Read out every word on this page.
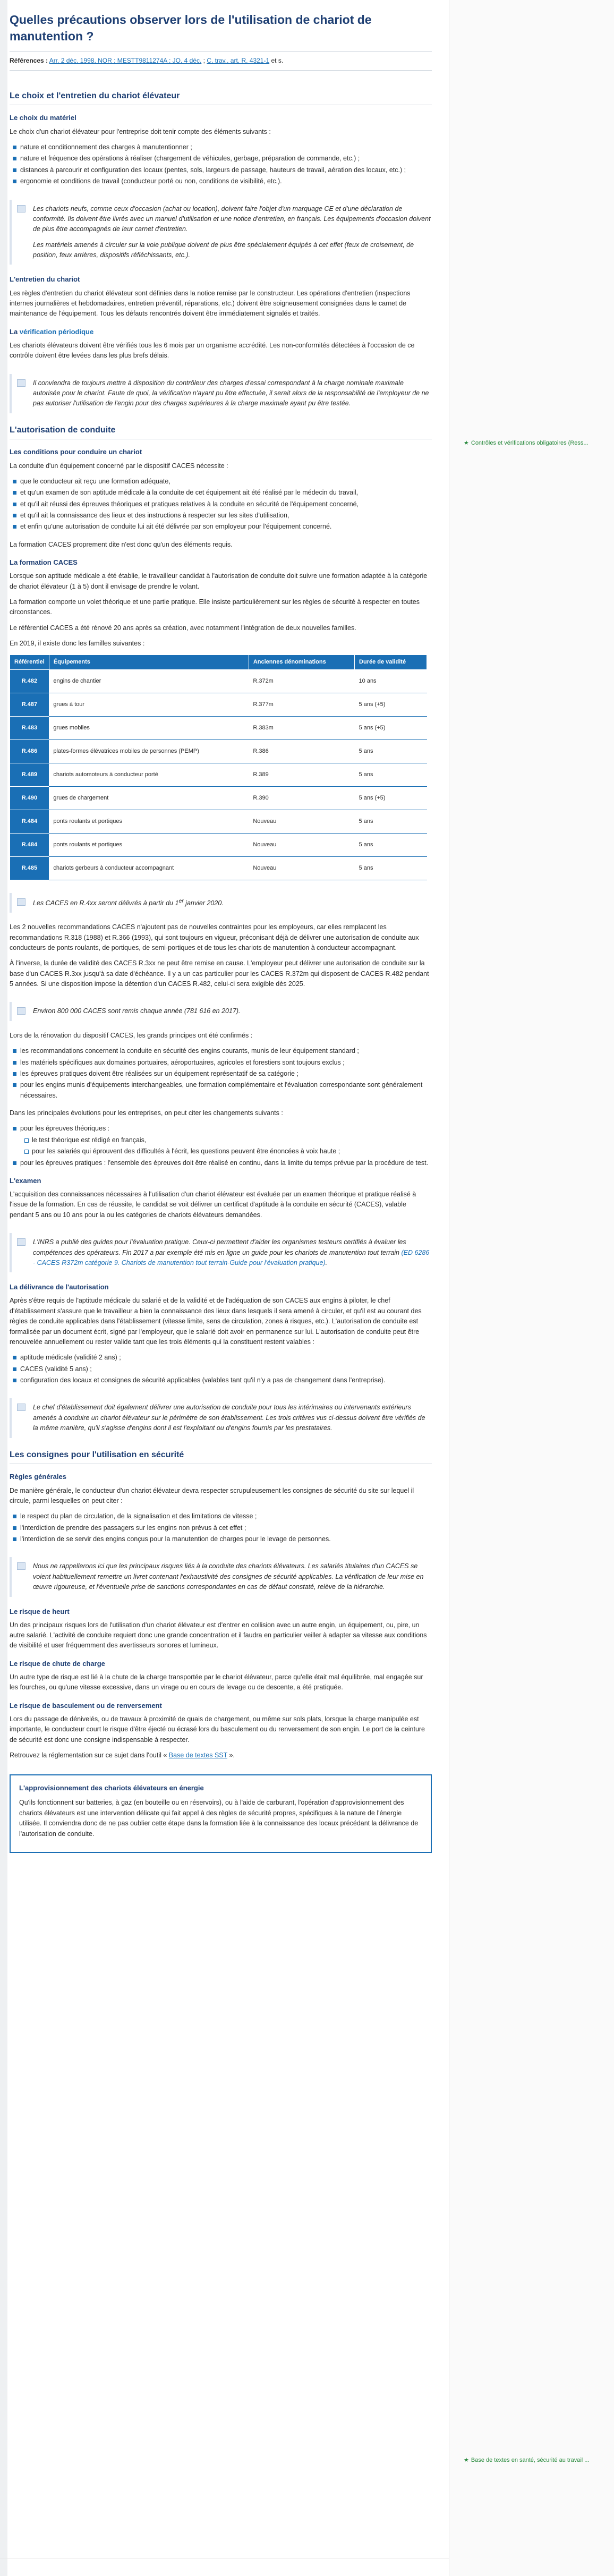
★ Contrôles et vérifications obligatoires (Ress...
★ Base de textes en santé, sécurité au travail ...
Quelles précautions observer lors de l'utilisation de chariot de manutention ?
Références : Arr. 2 déc. 1998, NOR : MESTT9811274A ; JO, 4 déc. ; C. trav., art. R. 4321-1 et s.
Le choix et l'entretien du chariot élévateur
Le choix du matériel

Le choix d'un chariot élévateur pour l'entreprise doit tenir compte des éléments suivants :

nature et conditionnement des charges à manutentionner ;
nature et fréquence des opérations à réaliser (chargement de véhicules, gerbage, préparation de commande, etc.) ;
distances à parcourir et configuration des locaux (pentes, sols, largeurs de passage, hauteurs de travail, aération des locaux, etc.) ;
ergonomie et conditions de travail (conducteur porté ou non, conditions de visibilité, etc.).

Les chariots neufs, comme ceux d'occasion (achat ou location), doivent faire l'objet d'un marquage CE et d'une déclaration de conformité. Ils doivent être livrés avec un manuel d'utilisation et une notice d'entretien, en français. Les équipements d'occasion doivent de plus être accompagnés de leur carnet d'entretien.

Les matériels amenés à circuler sur la voie publique doivent de plus être spécialement équipés à cet effet (feux de croisement, de position, feux arrières, dispositifs réfléchissants, etc.).

L'entretien du chariot

Les règles d'entretien du chariot élévateur sont définies dans la notice remise par le constructeur. Les opérations d'entretien (inspections internes journalières et hebdomadaires, entretien préventif, réparations, etc.) doivent être soigneusement consignées dans le carnet de maintenance de l'équipement. Tous les défauts rencontrés doivent être immédiatement signalés et traités.

La vérification périodique

Les chariots élévateurs doivent être vérifiés tous les 6 mois par un organisme accrédité. Les non-conformités détectées à l'occasion de ce contrôle doivent être levées dans les plus brefs délais.

Il conviendra de toujours mettre à disposition du contrôleur des charges d'essai correspondant à la charge nominale maximale autorisée pour le chariot. Faute de quoi, la vérification n'ayant pu être effectuée, il serait alors de la responsabilité de l'employeur de ne pas autoriser l'utilisation de l'engin pour des charges supérieures à la charge maximale ayant pu être testée.

L'autorisation de conduite
Les conditions pour conduire un chariot

La conduite d'un équipement concerné par le dispositif CACES nécessite :

que le conducteur ait reçu une formation adéquate,
et qu'un examen de son aptitude médicale à la conduite de cet équipement ait été réalisé par le médecin du travail,
et qu'il ait réussi des épreuves théoriques et pratiques relatives à la conduite en sécurité de l'équipement concerné,
et qu'il ait la connaissance des lieux et des instructions à respecter sur les sites d'utilisation,
et enfin qu'une autorisation de conduite lui ait été délivrée par son employeur pour l'équipement concerné.

La formation CACES proprement dite n'est donc qu'un des éléments requis.

La formation CACES

Lorsque son aptitude médicale a été établie, le travailleur candidat à l'autorisation de conduite doit suivre une formation adaptée à la catégorie de chariot élévateur (1 à 5) dont il envisage de prendre le volant.

La formation comporte un volet théorique et une partie pratique. Elle insiste particulièrement sur les règles de sécurité à respecter en toutes circonstances.

Le référentiel CACES a été rénové 20 ans après sa création, avec notamment l'intégration de deux nouvelles familles.

En 2019, il existe donc les familles suivantes :

Référentiel	Équipements	Anciennes dénominations	Durée de validité
R.482	engins de chantier	R.372m	10 ans
R.487	grues à tour	R.377m	5 ans (+5)
R.483	grues mobiles	R.383m	5 ans (+5)
R.486	plates-formes élévatrices mobiles de personnes (PEMP)	R.386	5 ans
R.489	chariots automoteurs à conducteur porté	R.389	5 ans
R.490	grues de chargement	R.390	5 ans (+5)
R.484	ponts roulants et portiques	Nouveau	5 ans
R.484	ponts roulants et portiques	Nouveau	5 ans
R.485	chariots gerbeurs à conducteur accompagnant	Nouveau	5 ans

Les CACES en R.4xx seront délivrés à partir du 1er janvier 2020.

Les 2 nouvelles recommandations CACES n'ajoutent pas de nouvelles contraintes pour les employeurs, car elles remplacent les recommandations R.318 (1988) et R.366 (1993), qui sont toujours en vigueur, préconisant déjà de délivrer une autorisation de conduite aux conducteurs de ponts roulants, de portiques, de semi-portiques et de tous les chariots de manutention à conducteur accompagnant.

À l'inverse, la durée de validité des CACES R.3xx ne peut être remise en cause. L'employeur peut délivrer une autorisation de conduite sur la base d'un CACES R.3xx jusqu'à sa date d'échéance. Il y a un cas particulier pour les CACES R.372m qui disposent de CACES R.482 pendant 5 années. Si une disposition impose la détention d'un CACES R.482, celui-ci sera exigible dès 2025.

Environ 800 000 CACES sont remis chaque année (781 616 en 2017).

Lors de la rénovation du dispositif CACES, les grands principes ont été confirmés :

les recommandations concernent la conduite en sécurité des engins courants, munis de leur équipement standard ;
les matériels spécifiques aux domaines portuaires, aéroportuaires, agricoles et forestiers sont toujours exclus ;
les épreuves pratiques doivent être réalisées sur un équipement représentatif de sa catégorie ;
pour les engins munis d'équipements interchangeables, une formation complémentaire et l'évaluation correspondante sont généralement nécessaires.

Dans les principales évolutions pour les entreprises, on peut citer les changements suivants :

pour les épreuves théoriques :
le test théorique est rédigé en français,
pour les salariés qui éprouvent des difficultés à l'écrit, les questions peuvent être énoncées à voix haute ;
pour les épreuves pratiques : l'ensemble des épreuves doit être réalisé en continu, dans la limite du temps prévue par la procédure de test.
L'examen

L'acquisition des connaissances nécessaires à l'utilisation d'un chariot élévateur est évaluée par un examen théorique et pratique réalisé à l'issue de la formation. En cas de réussite, le candidat se voit délivrer un certificat d'aptitude à la conduite en sécurité (CACES), valable pendant 5 ans ou 10 ans pour la ou les catégories de chariots élévateurs demandées.

L'INRS a publié des guides pour l'évaluation pratique. Ceux-ci permettent d'aider les organismes testeurs certifiés à évaluer les compétences des opérateurs. Fin 2017 a par exemple été mis en ligne un guide pour les chariots de manutention tout terrain (ED 6286 - CACES R372m catégorie 9. Chariots de manutention tout terrain-Guide pour l'évaluation pratique).

La délivrance de l'autorisation

Après s'être requis de l'aptitude médicale du salarié et de la validité et de l'adéquation de son CACES aux engins à piloter, le chef d'établissement s'assure que le travailleur a bien la connaissance des lieux dans lesquels il sera amené à circuler, et qu'il est au courant des règles de conduite applicables dans l'établissement (vitesse limite, sens de circulation, zones à risques, etc.). L'autorisation de conduite est formalisée par un document écrit, signé par l'employeur, que le salarié doit avoir en permanence sur lui. L'autorisation de conduite peut être renouvelée annuellement ou rester valide tant que les trois éléments qui la constituent restent valables :

aptitude médicale (validité 2 ans) ;
CACES (validité 5 ans) ;
configuration des locaux et consignes de sécurité applicables (valables tant qu'il n'y a pas de changement dans l'entreprise).

Le chef d'établissement doit également délivrer une autorisation de conduite pour tous les intérimaires ou intervenants extérieurs amenés à conduire un chariot élévateur sur le périmètre de son établissement. Les trois critères vus ci-dessus doivent être vérifiés de la même manière, qu'il s'agisse d'engins dont il est l'exploitant ou d'engins fournis par les prestataires.

Les consignes pour l'utilisation en sécurité
Règles générales

De manière générale, le conducteur d'un chariot élévateur devra respecter scrupuleusement les consignes de sécurité du site sur lequel il circule, parmi lesquelles on peut citer :

le respect du plan de circulation, de la signalisation et des limitations de vitesse ;
l'interdiction de prendre des passagers sur les engins non prévus à cet effet ;
l'interdiction de se servir des engins conçus pour la manutention de charges pour le levage de personnes.

Nous ne rappellerons ici que les principaux risques liés à la conduite des chariots élévateurs. Les salariés titulaires d'un CACES se voient habituellement remettre un livret contenant l'exhaustivité des consignes de sécurité applicables. La vérification de leur mise en œuvre rigoureuse, et l'éventuelle prise de sanctions correspondantes en cas de défaut constaté, relève de la hiérarchie.

Le risque de heurt

Un des principaux risques lors de l'utilisation d'un chariot élévateur est d'entrer en collision avec un autre engin, un équipement, ou, pire, un autre salarié. L'activité de conduite requiert donc une grande concentration et il faudra en particulier veiller à adapter sa vitesse aux conditions de visibilité et user fréquemment des avertisseurs sonores et lumineux.

Le risque de chute de charge

Un autre type de risque est lié à la chute de la charge transportée par le chariot élévateur, parce qu'elle était mal équilibrée, mal engagée sur les fourches, ou qu'une vitesse excessive, dans un virage ou en cours de levage ou de descente, a été pratiquée.

Le risque de basculement ou de renversement

Lors du passage de dénivelés, ou de travaux à proximité de quais de chargement, ou même sur sols plats, lorsque la charge manipulée est importante, le conducteur court le risque d'être éjecté ou écrasé lors du basculement ou du renversement de son engin. Le port de la ceinture de sécurité est donc une consigne indispensable à respecter.

Retrouvez la réglementation sur ce sujet dans l'outil « Base de textes SST ».

L'approvisionnement des chariots élévateurs en énergie

Qu'ils fonctionnent sur batteries, à gaz (en bouteille ou en réservoirs), ou à l'aide de carburant, l'opération d'approvisionnement des chariots élévateurs est une intervention délicate qui fait appel à des règles de sécurité propres, spécifiques à la nature de l'énergie utilisée. Il conviendra donc de ne pas oublier cette étape dans la formation liée à la connaissance des locaux précédant la délivrance de l'autorisation de conduite.
